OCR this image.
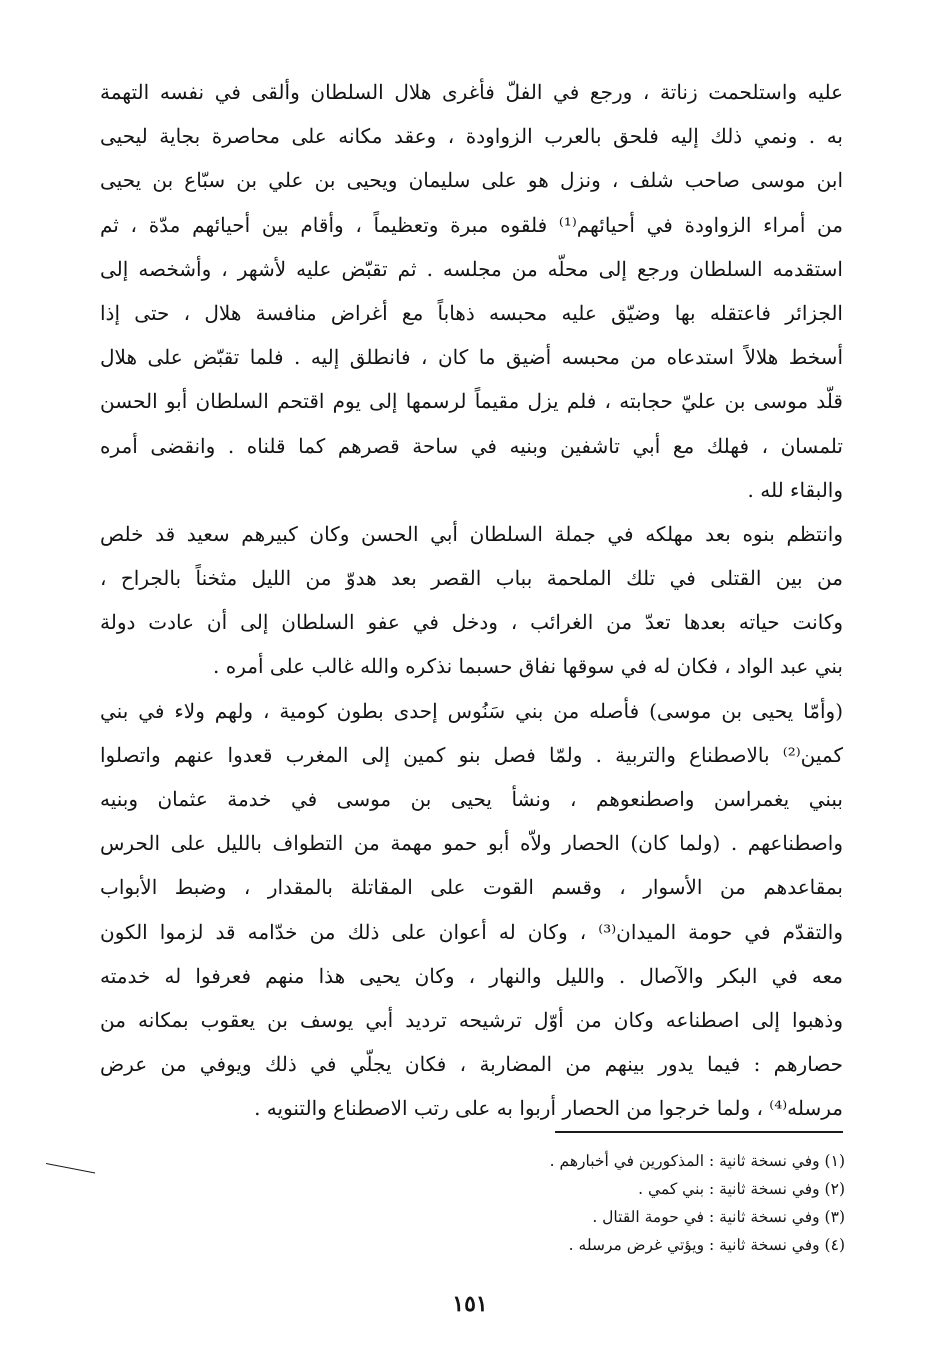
عليه واستلحمت زناتة ، ورجع في الفلّ فأغرى هلال السلطان وألقى في نفسه التهمة
به . ونمي ذلك إليه فلحق بالعرب الزواودة ، وعقد مكانه على محاصرة بجاية ليحيى
ابن موسى صاحب شلف ، ونزل هو على سليمان ويحيى بن علي بن سبّاع بن يحيى
من أمراء الزواودة في أحيائهم⁽¹⁾ فلقوه مبرة وتعظيماً ، وأقام بين أحيائهم مدّة ، ثم
استقدمه السلطان ورجع إلى محلّه من مجلسه . ثم تقبّض عليه لأشهر ، وأشخصه إلى
الجزائر فاعتقله بها وضيّق عليه محبسه ذهاباً مع أغراض منافسة هلال ، حتى إذا
أسخط هلالاً استدعاه من محبسه أضيق ما كان ، فانطلق إليه . فلما تقبّض على هلال
قلّد موسى بن عليّ حجابته ، فلم يزل مقيماً لرسمها إلى يوم اقتحم السلطان أبو الحسن
تلمسان ، فهلك مع أبي تاشفين وبنيه في ساحة قصرهم كما قلناه . وانقضى أمره
والبقاء لله .
وانتظم بنوه بعد مهلكه في جملة السلطان أبي الحسن وكان كبيرهم سعيد قد خلص
من بين القتلى في تلك الملحمة بباب القصر بعد هدوّ من الليل مثخناً بالجراح ،
وكانت حياته بعدها تعدّ من الغرائب ، ودخل في عفو السلطان إلى أن عادت دولة
بني عبد الواد ، فكان له في سوقها نفاق حسبما نذكره والله غالب على أمره .
(وأمّا يحيى بن موسى) فأصله من بني سَنُوس إحدى بطون كومية ، ولهم ولاء في بني
كمين⁽²⁾ بالاصطناع والتربية . ولمّا فصل بنو كمين إلى المغرب قعدوا عنهم واتصلوا
ببني يغمراسن واصطنعوهم ، ونشأ يحيى بن موسى في خدمة عثمان وبنيه
واصطناعهم . (ولما كان) الحصار ولاّه أبو حمو مهمة من التطواف بالليل على الحرس
بمقاعدهم من الأسوار ، وقسم القوت على المقاتلة بالمقدار ، وضبط الأبواب
والتقدّم في حومة الميدان⁽³⁾ ، وكان له أعوان على ذلك من خدّامه قد لزموا الكون
معه في البكر والآصال . والليل والنهار ، وكان يحيى هذا منهم فعرفوا له خدمته
وذهبوا إلى اصطناعه وكان من أوّل ترشيحه ترديد أبي يوسف بن يعقوب بمكانه من
حصارهم : فيما يدور بينهم من المضاربة ، فكان يجلّي في ذلك ويوفي من عرض
مرسله⁽⁴⁾ ، ولما خرجوا من الحصار أربوا به على رتب الاصطناع والتنويه .
(١) وفي نسخة ثانية : المذكورين في أخبارهم .
(٢) وفي نسخة ثانية : بني كمي .
(٣) وفي نسخة ثانية : في حومة القتال .
(٤) وفي نسخة ثانية : ويؤتي غرض مرسله .
١٥١
